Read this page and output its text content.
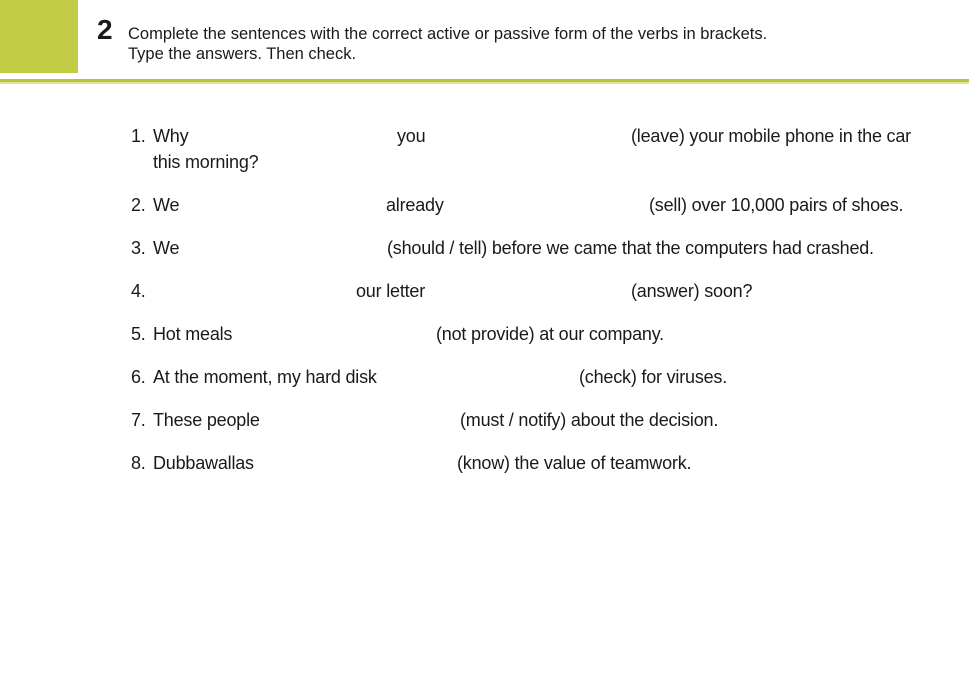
2 Complete the sentences with the correct active or passive form of the verbs in brackets.
Type the answers. Then check.
1. Why	you	(leave) your mobile phone in the car
this morning?
2. We	already	(sell) over 10,000 pairs of shoes.
3. We	(should / tell) before we came that the computers had crashed.
4.	our letter	(answer) soon?
5. Hot meals	(not provide) at our company.
6. At the moment, my hard disk	(check) for viruses.
7. These people	(must / notify) about the decision.
8. Dubbawallas	(know) the value of teamwork.
